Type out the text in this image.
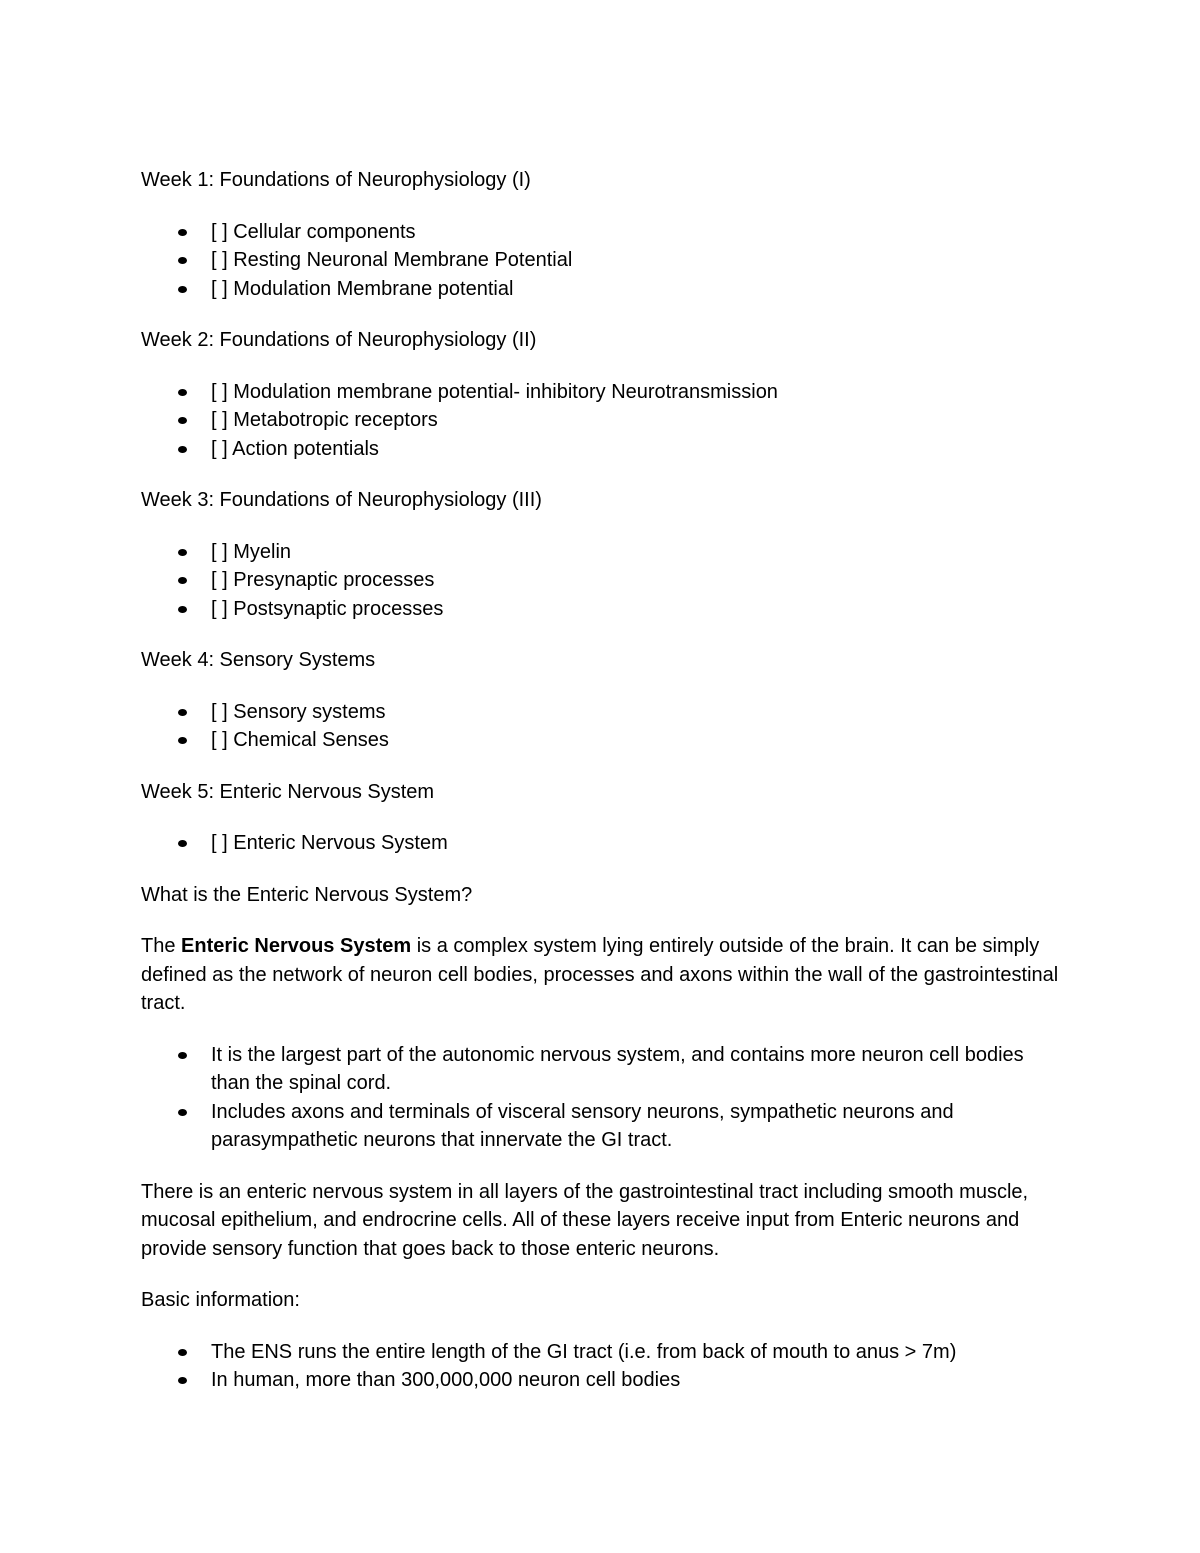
Week 1: Foundations of Neurophysiology (I)

[ ] Cellular components
[ ] Resting Neuronal Membrane Potential
[ ] Modulation Membrane potential

Week 2: Foundations of Neurophysiology (II)

[ ] Modulation membrane potential- inhibitory Neurotransmission
[ ] Metabotropic receptors
[ ] Action potentials

Week 3: Foundations of Neurophysiology (III)

[ ] Myelin
[ ] Presynaptic processes
[ ] Postsynaptic processes

Week 4: Sensory Systems

[ ] Sensory systems
[ ] Chemical Senses

Week 5: Enteric Nervous System

[ ] Enteric Nervous System

What is the Enteric Nervous System?

The Enteric Nervous System is a complex system lying entirely outside of the brain. It can be simply defined as the network of neuron cell bodies, processes and axons within the wall of the gastrointestinal tract.

It is the largest part of the autonomic nervous system, and contains more neuron cell bodies than the spinal cord.
Includes axons and terminals of visceral sensory neurons, sympathetic neurons and parasympathetic neurons that innervate the GI tract.

There is an enteric nervous system in all layers of the gastrointestinal tract including smooth muscle, mucosal epithelium, and endrocrine cells. All of these layers receive input from Enteric neurons and provide sensory function that goes back to those enteric neurons.

Basic information:

The ENS runs the entire length of the GI tract (i.e. from back of mouth to anus > 7m)
In human, more than 300,000,000 neuron cell bodies
